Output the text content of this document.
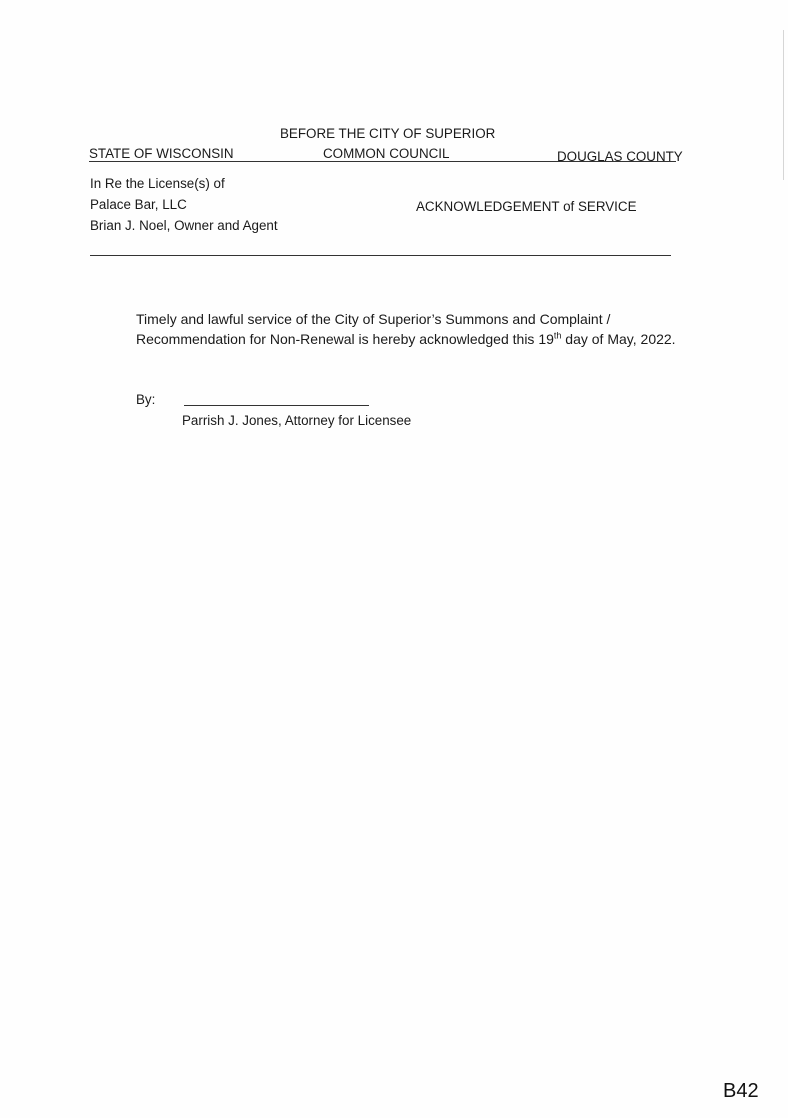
BEFORE THE CITY OF SUPERIOR
STATE OF WISCONSIN	COMMON COUNCIL	DOUGLAS COUNTY
In Re the License(s) of
Palace Bar, LLC
Brian J. Noel, Owner and Agent
ACKNOWLEDGEMENT of SERVICE
Timely and lawful service of the City of Superior’s Summons and Complaint /
Recommendation for Non-Renewal is hereby acknowledged this 19th day of May, 2022.
By:
Parrish J. Jones, Attorney for Licensee
B42
